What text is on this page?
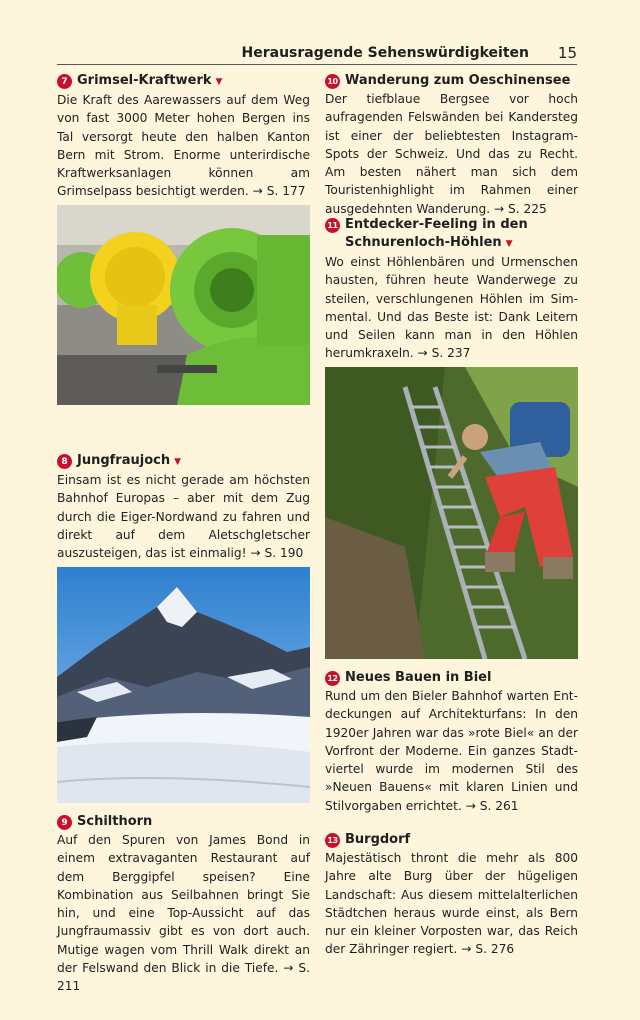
Herausragende Sehenswürdigkeiten 15
7 Grimsel-Kraftwerk ▼

Die Kraft des Aarewassers auf dem Weg von fast 3000 Meter hohen Bergen ins Tal versorgt heute den halben Kanton Bern mit Strom. Enorme unterirdische Kraftwerksanlagen können am Grimselpass besichtigt werden. → S. 177

8 Jungfraujoch ▼

Einsam ist es nicht gerade am höchsten Bahnhof Europas – aber mit dem Zug durch die Eiger-Nordwand zu fahren und direkt auf dem Aletschgletscher auszusteigen, das ist einmalig! → S. 190

9 Schilthorn

Auf den Spuren von James Bond in einem extravaganten Restaurant auf dem Berggipfel speisen? Eine Kombination aus Seilbahnen bringt Sie hin, und eine Top-Aussicht auf das Jungfraumassiv gibt es von dort auch. Mutige wagen vom Thrill Walk direkt an der Felswand den Blick in die Tiefe. → S. 211

10 Wanderung zum Oeschinensee

Der tiefblaue Bergsee vor hoch aufragenden Felswänden bei Kandersteg ist einer der beliebtesten Instagram-Spots der Schweiz. Und das zu Recht. Am besten nähert man sich dem Touristenhighlight im Rahmen einer ausgedehnten Wanderung. → S. 225

11 Entdecker-Feeling in den Schnurenloch-Höhlen ▼

Wo einst Höhlenbären und Urmenschen hausten, führen heute Wanderwege zu steilen, verschlungenen Höhlen im Simmental. Und das Beste ist: Dank Leitern und Seilen kann man in den Höhlen herumkraxeln. → S. 237

12 Neues Bauen in Biel

Rund um den Bieler Bahnhof warten Entdeckungen auf Architekturfans: In den 1920er Jahren war das »rote Biel« an der Vorfront der Moderne. Ein ganzes Stadtviertel wurde im modernen Stil des »Neuen Bauens« mit klaren Linien und Stilvorgaben errichtet. → S. 261

13 Burgdorf

Majestätisch thront die mehr als 800 Jahre alte Burg über der hügeligen Landschaft: Aus diesem mittelalterlichen Städtchen heraus wurde einst, als Bern nur ein kleiner Vorposten war, das Reich der Zähringer regiert. → S. 276
